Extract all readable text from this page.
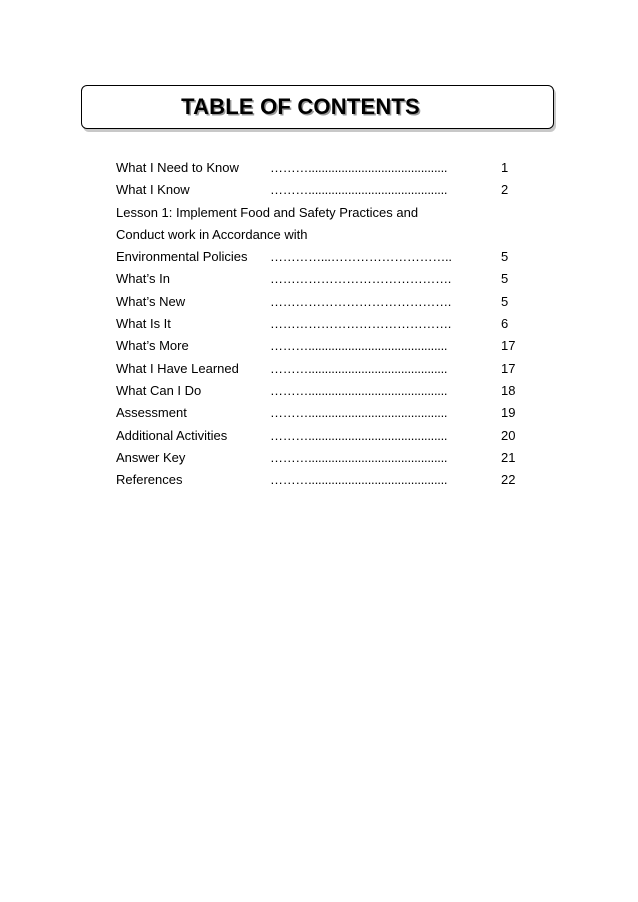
TABLE OF CONTENTS
What I Need to Know ………..........................................	1
What I Know	………..........................................	2
Lesson 1: Implement Food and Safety Practices and
Conduct work in Accordance with
Environmental Policies …………...………………………..	5
What’s In	…………………………………….	5
What’s New	…………………………………….	5
What Is It	…………………………………….	6
What’s More	………..........................................	17
What I Have Learned ………..........................................	17
What Can I Do	………..........................................	18
Assessment	………..........................................	19
Additional Activities	………..........................................	20
Answer Key	………..........................................	21
References	………..........................................	22
